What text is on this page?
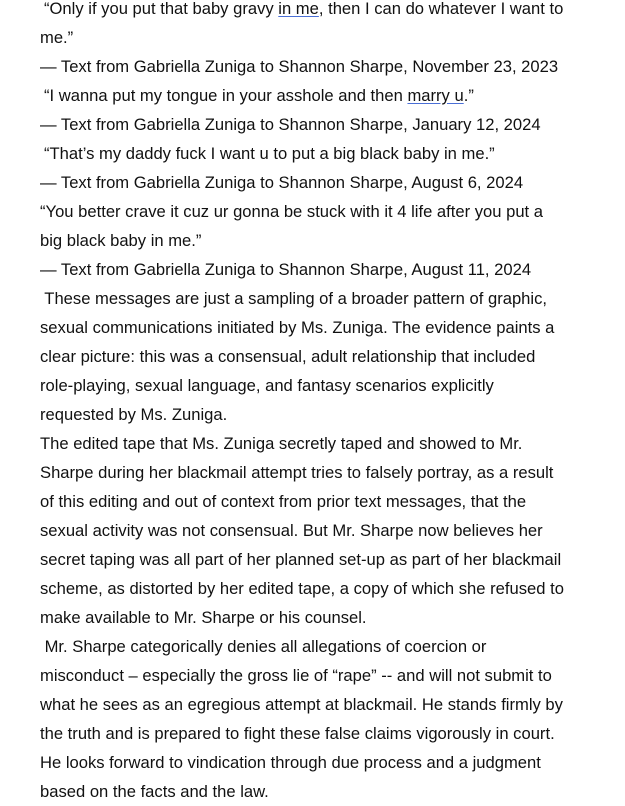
“Only if you put that baby gravy in me, then I can do whatever I want to
me.”
— Text from Gabriella Zuniga to Shannon Sharpe, November 23, 2023
“I wanna put my tongue in your asshole and then marry u.”
— Text from Gabriella Zuniga to Shannon Sharpe, January 12, 2024
“That’s my daddy fuck I want u to put a big black baby in me.”
— Text from Gabriella Zuniga to Shannon Sharpe, August 6, 2024
“You better crave it cuz ur gonna be stuck with it 4 life after you put a
big black baby in me.”
— Text from Gabriella Zuniga to Shannon Sharpe, August 11, 2024
These messages are just a sampling of a broader pattern of graphic,
sexual communications initiated by Ms. Zuniga. The evidence paints a
clear picture: this was a consensual, adult relationship that included
role-playing, sexual language, and fantasy scenarios explicitly
requested by Ms. Zuniga.
The edited tape that Ms. Zuniga secretly taped and showed to Mr.
Sharpe during her blackmail attempt tries to falsely portray, as a result
of this editing and out of context from prior text messages, that the
sexual activity was not consensual. But Mr. Sharpe now believes her
secret taping was all part of her planned set-up as part of her blackmail
scheme, as distorted by her edited tape, a copy of which she refused to
make available to Mr. Sharpe or his counsel.
Mr. Sharpe categorically denies all allegations of coercion or
misconduct – especially the gross lie of “rape” -- and will not submit to
what he sees as an egregious attempt at blackmail. He stands firmly by
the truth and is prepared to fight these false claims vigorously in court.
He looks forward to vindication through due process and a judgment
based on the facts and the law.
